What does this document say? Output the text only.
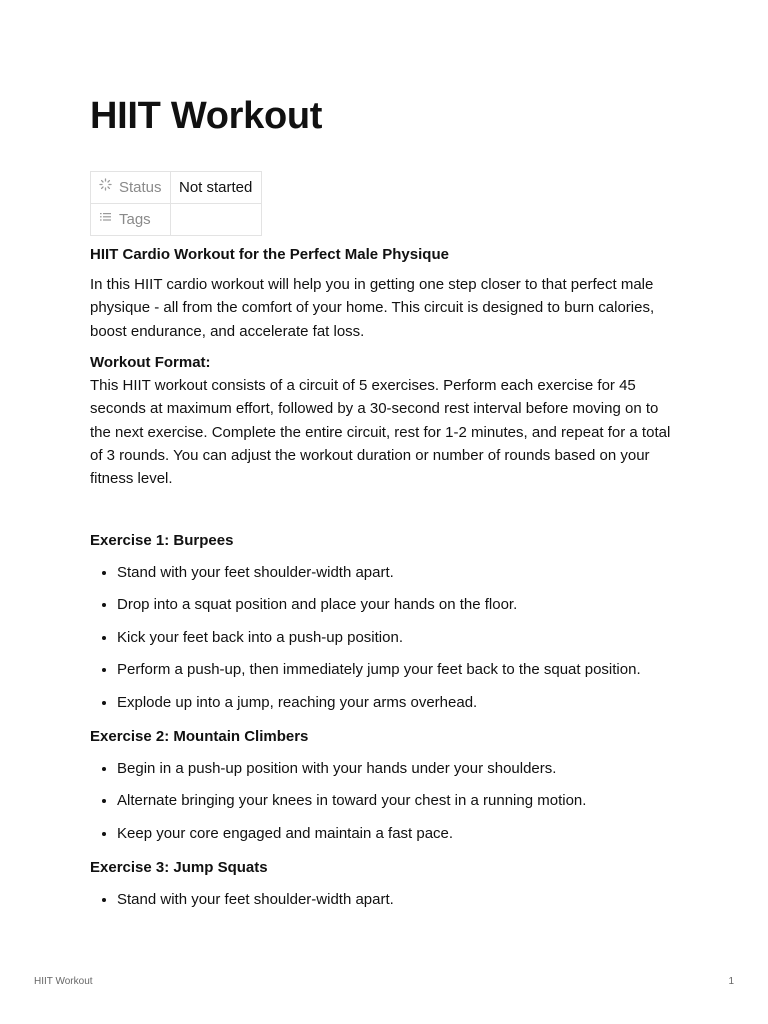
HIIT Workout
Status	Not started
Tags	
HIIT Cardio Workout for the Perfect Male Physique

In this HIIT cardio workout will help you in getting one step closer to that perfect male physique - all from the comfort of your home. This circuit is designed to burn calories, boost endurance, and accelerate fat loss.

Workout Format:

This HIIT workout consists of a circuit of 5 exercises. Perform each exercise for 45 seconds at maximum effort, followed by a 30-second rest interval before moving on to the next exercise. Complete the entire circuit, rest for 1-2 minutes, and repeat for a total of 3 rounds. You can adjust the workout duration or number of rounds based on your fitness level.

Exercise 1: Burpees
• Stand with your feet shoulder-width apart.
• Drop into a squat position and place your hands on the floor.
• Kick your feet back into a push-up position.
• Perform a push-up, then immediately jump your feet back to the squat position.
• Explode up into a jump, reaching your arms overhead.
Exercise 2: Mountain Climbers
• Begin in a push-up position with your hands under your shoulders.
• Alternate bringing your knees in toward your chest in a running motion.
• Keep your core engaged and maintain a fast pace.
Exercise 3: Jump Squats
• Stand with your feet shoulder-width apart.
HIIT Workout	1
